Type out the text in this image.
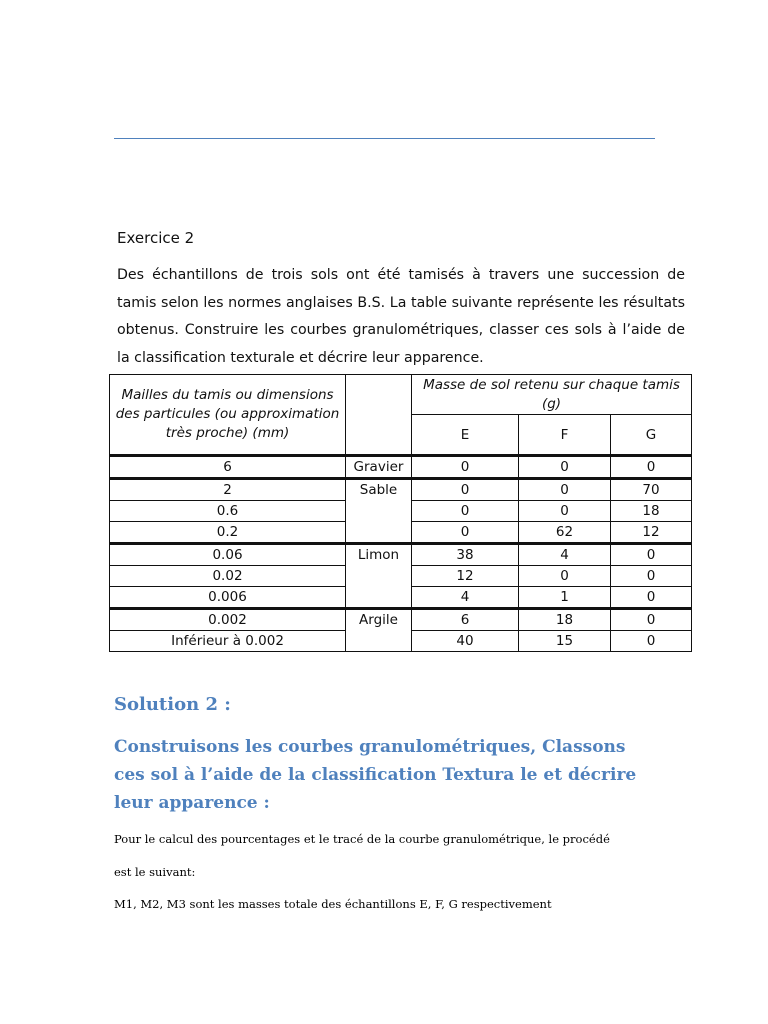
Exercice 2
Des échantillons de trois sols ont été tamisés à travers une succession de tamis selon les normes anglaises B.S. La table suivante représente les résultats obtenus. Construire les courbes granulométriques, classer ces sols à l’aide de la classification texturale et décrire leur apparence.
Mailles du tamis ou dimensions des particules (ou approximation très proche) (mm)		Masse de sol retenu sur chaque tamis (g)		
		E	F	G
6	Gravier	0	0	0
2	Sable	0	0	70
0.6		0	0	18
0.2		0	62	12
0.06	Limon	38	4	0
0.02		12	0	0
0.006		4	1	0
0.002	Argile	6	18	0
Inférieur à 0.002		40	15	0
Solution 2 :
Construisons les courbes granulométriques, Classons ces sol à l’aide de la classification Textura le et décrire leur apparence :
Pour le calcul des pourcentages et le tracé de la courbe granulométrique, le procédé
est le suivant:
M1, M2, M3 sont les masses totale des échantillons E, F, G respectivement
